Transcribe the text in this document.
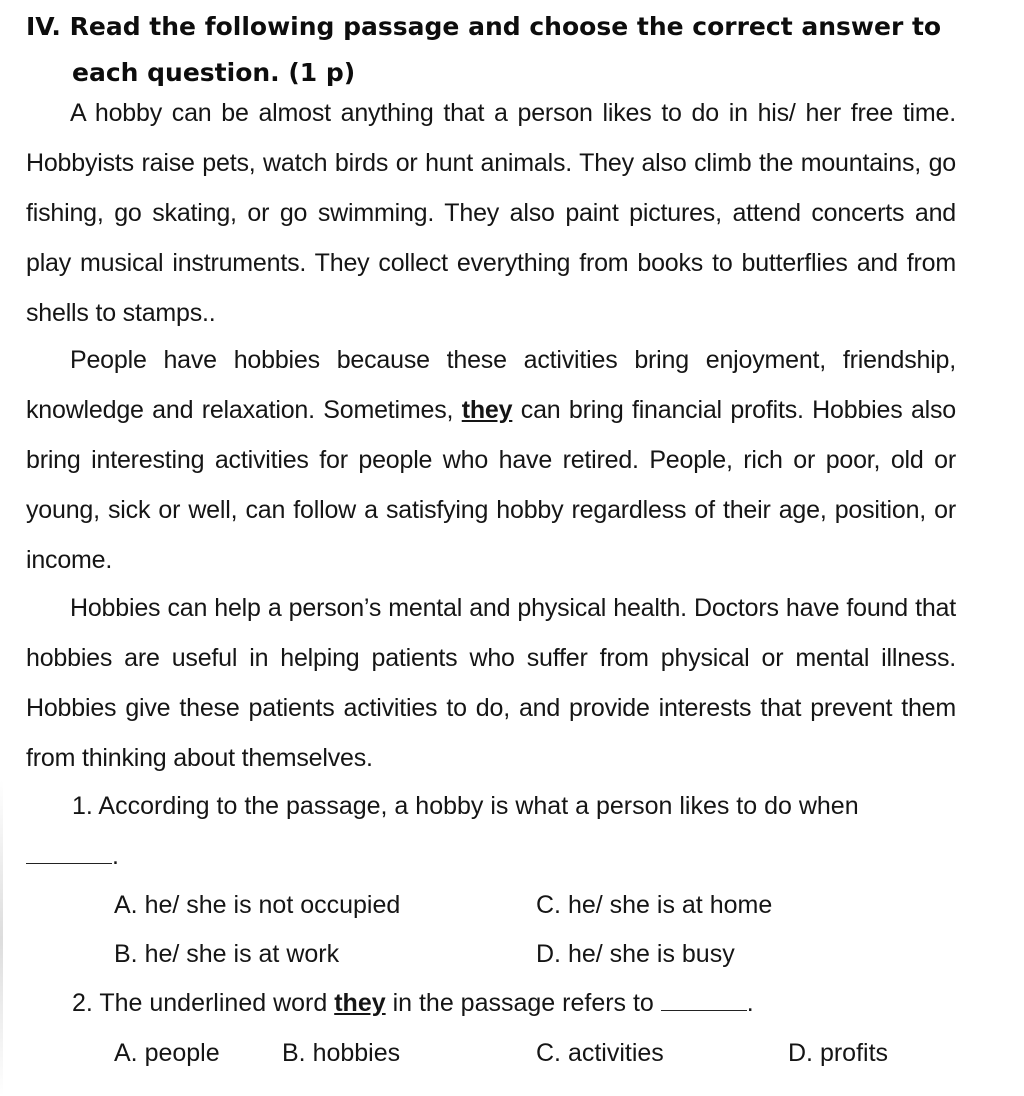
IV. Read the following passage and choose the correct answer to
each question. (1 p)
A hobby can be almost anything that a person likes to do in his/ her free time. Hobbyists raise pets, watch birds or hunt animals. They also climb the mountains, go fishing, go skating, or go swimming. They also paint pictures, attend concerts and play musical instruments. They collect everything from books to butterflies and from shells to stamps..
People have hobbies because these activities bring enjoyment, friendship, knowledge and relaxation. Sometimes, they can bring financial profits. Hobbies also bring interesting activities for people who have retired. People, rich or poor, old or young, sick or well, can follow a satisfying hobby regardless of their age, position, or income.
Hobbies can help a person’s mental and physical health. Doctors have found that hobbies are useful in helping patients who suffer from physical or mental illness. Hobbies give these patients activities to do, and provide interests that prevent them from thinking about themselves.
1. According to the passage, a hobby is what a person likes to do when
.
A. he/ she is not occupied	C. he/ she is at home
B. he/ she is at work	D. he/ she is busy
2. The underlined word they in the passage refers to	.
A. people B. hobbies	C. activities	D. profits
